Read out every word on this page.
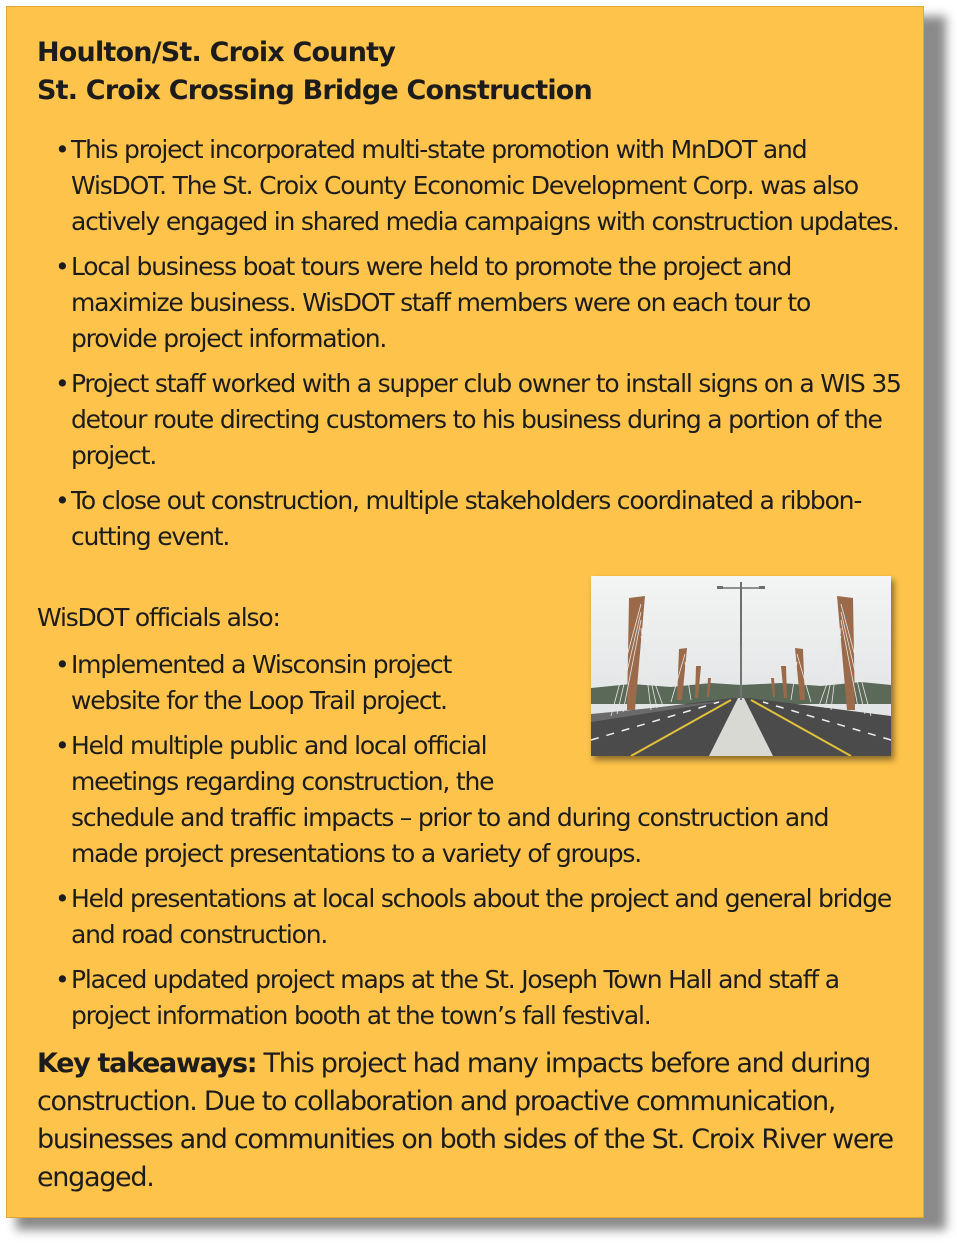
Houlton/St. Croix County
St. Croix Crossing Bridge Construction
• This project incorporated multi-state promotion with MnDOT and WisDOT. The St. Croix County Economic Development Corp. was also actively engaged in shared media campaigns with construction updates.
• Local business boat tours were held to promote the project and maximize business. WisDOT staff members were on each tour to provide project information.
• Project staff worked with a supper club owner to install signs on a WIS 35 detour route directing customers to his business during a portion of the project.
• To close out construction, multiple stakeholders coordinated a ribbon-cutting event.

WisDOT officials also:

• Implemented a Wisconsin project
website for the Loop Trail project.
• Held multiple public and local official
meetings regarding construction, the
schedule and traffic impacts – prior to and during construction and made project presentations to a variety of groups.
• Held presentations at local schools about the project and general bridge and road construction.
• Placed updated project maps at the St. Joseph Town Hall and staff a project information booth at the town’s fall festival.

Key takeaways: This project had many impacts before and during construction. Due to collaboration and proactive communication, businesses and communities on both sides of the St. Croix River were engaged.
